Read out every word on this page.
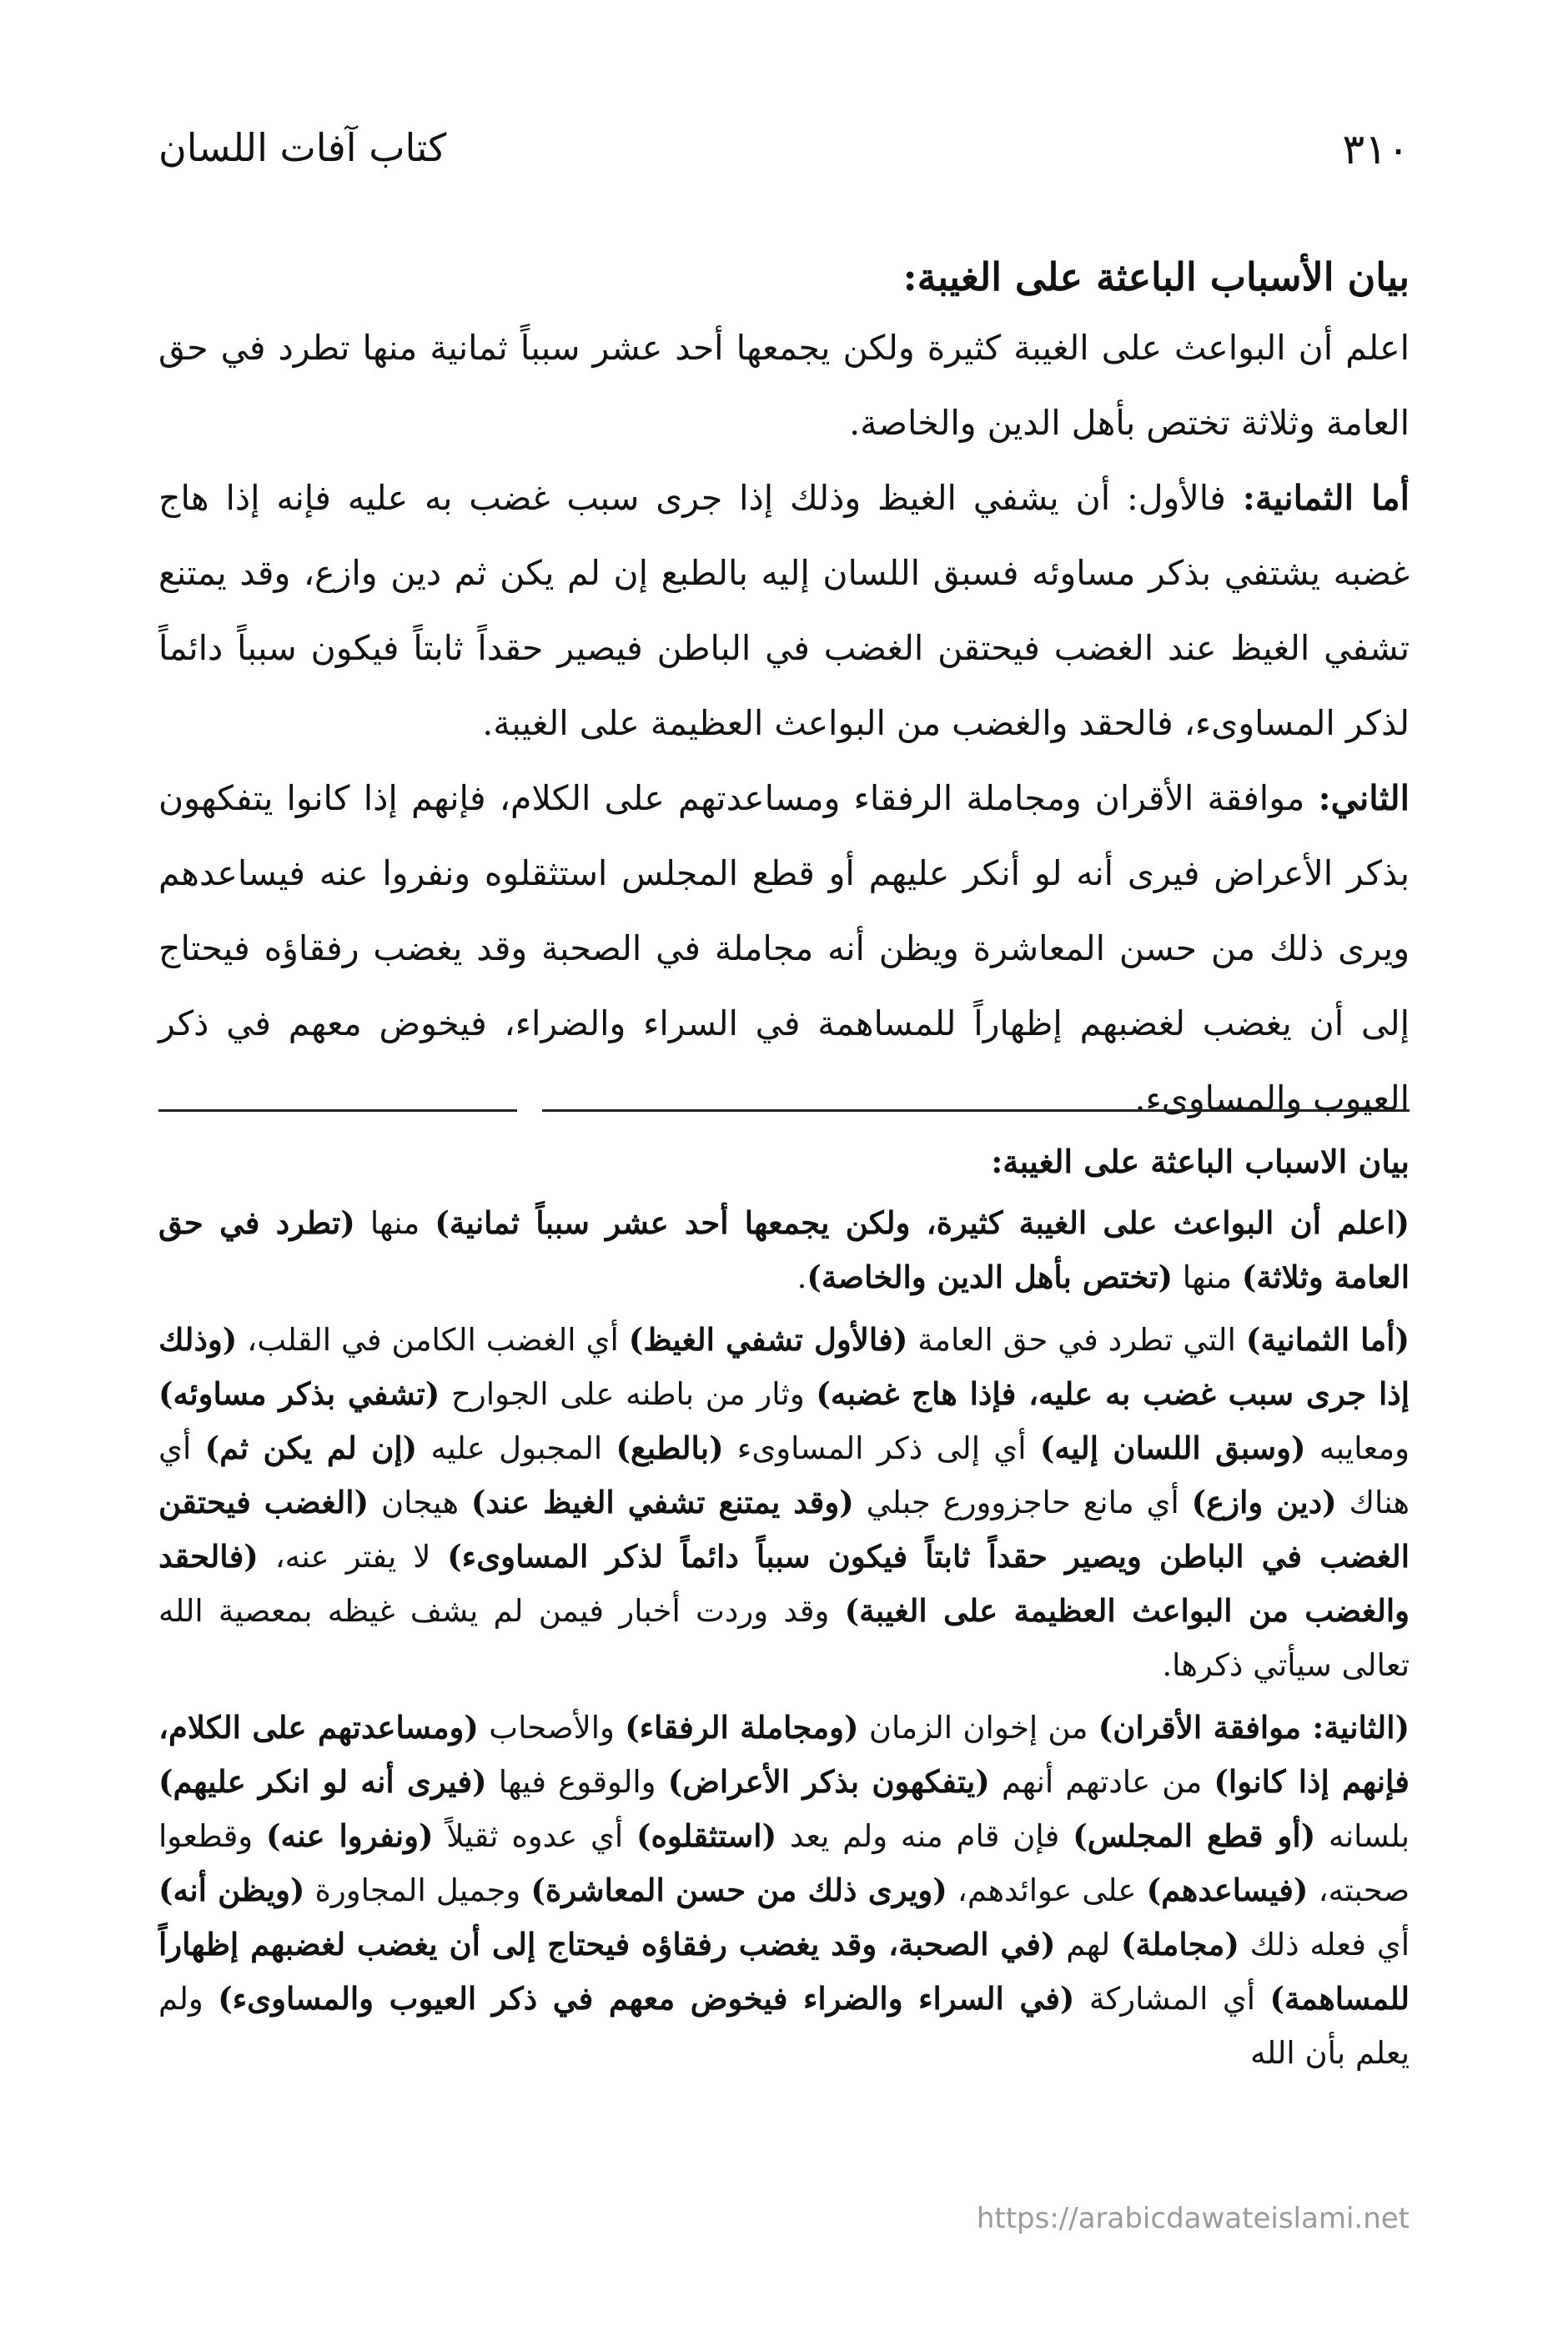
٣١٠
كتاب آفات اللسان

بيان الأسباب الباعثة على الغيبة:

اعلم أن البواعث على الغيبة كثيرة ولكن يجمعها أحد عشر سبباً ثمانية منها تطرد في حق العامة وثلاثة تختص بأهل الدين والخاصة.

أما الثمانية: فالأول: أن يشفي الغيظ وذلك إذا جرى سبب غضب به عليه فإنه إذا هاج غضبه يشتفي بذكر مساوئه فسبق اللسان إليه بالطبع إن لم يكن ثم دين وازع، وقد يمتنع تشفي الغيظ عند الغضب فيحتقن الغضب في الباطن فيصير حقداً ثابتاً فيكون سبباً دائماً لذكر المساوىء، فالحقد والغضب من البواعث العظيمة على الغيبة.

الثاني: موافقة الأقران ومجاملة الرفقاء ومساعدتهم على الكلام، فإنهم إذا كانوا يتفكهون بذكر الأعراض فيرى أنه لو أنكر عليهم أو قطع المجلس استثقلوه ونفروا عنه فيساعدهم ويرى ذلك من حسن المعاشرة ويظن أنه مجاملة في الصحبة وقد يغضب رفقاؤه فيحتاج إلى أن يغضب لغضبهم إظهاراً للمساهمة في السراء والضراء، فيخوض معهم في ذكر العيوب والمساوىء.

بيان الاسباب الباعثة على الغيبة:

(اعلم أن البواعث على الغيبة كثيرة، ولكن يجمعها أحد عشر سبباً ثمانية) منها (تطرد في حق العامة وثلاثة) منها (تختص بأهل الدين والخاصة).

(أما الثمانية) التي تطرد في حق العامة (فالأول تشفي الغيظ) أي الغضب الكامن في القلب، (وذلك إذا جرى سبب غضب به عليه، فإذا هاج غضبه) وثار من باطنه على الجوارح (تشفي بذكر مساوئه) ومعايبه (وسبق اللسان إليه) أي إلى ذكر المساوىء (بالطبع) المجبول عليه (إن لم يكن ثم) أي هناك (دين وازع) أي مانع حاجزوورع جبلي (وقد يمتنع تشفي الغيظ عند) هيجان (الغضب فيحتقن الغضب في الباطن ويصير حقداً ثابتاً فيكون سبباً دائماً لذكر المساوىء) لا يفتر عنه، (فالحقد والغضب من البواعث العظيمة على الغيبة) وقد وردت أخبار فيمن لم يشف غيظه بمعصية الله تعالى سيأتي ذكرها.

(الثانية: موافقة الأقران) من إخوان الزمان (ومجاملة الرفقاء) والأصحاب (ومساعدتهم على الكلام، فإنهم إذا كانوا) من عادتهم أنهم (يتفكهون بذكر الأعراض) والوقوع فيها (فيرى أنه لو انكر عليهم) بلسانه (أو قطع المجلس) فإن قام منه ولم يعد (استثقلوه) أي عدوه ثقيلاً (ونفروا عنه) وقطعوا صحبته، (فيساعدهم) على عوائدهم، (ويرى ذلك من حسن المعاشرة) وجميل المجاورة (ويظن أنه) أي فعله ذلك (مجاملة) لهم (في الصحبة، وقد يغضب رفقاؤه فيحتاج إلى أن يغضب لغضبهم إظهاراً للمساهمة) أي المشاركة (في السراء والضراء فيخوض معهم في ذكر العيوب والمساوىء) ولم يعلم بأن الله

https://arabicdawateislami.net
